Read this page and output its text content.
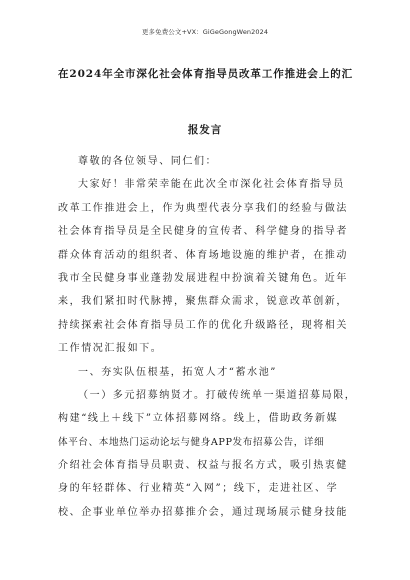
更多免费公文+VX：GiGeGongWen2024
在2024年全市深化社会体育指导员改革工作推进会上的汇
报发言
尊敬的各位领导、同仁们：
大家好！非常荣幸能在此次全市深化社会体育指导员
改革工作推进会上，作为典型代表分享我们的经验与做法
社会体育指导员是全民健身的宣传者、科学健身的指导者
群众体育活动的组织者、体育场地设施的维护者，在推动
我市全民健身事业蓬勃发展进程中扮演着关键角色。近年
来，我们紧扣时代脉搏，聚焦群众需求，锐意改革创新，
持续探索社会体育指导员工作的优化升级路径，现将相关
工作情况汇报如下。
一、夯实队伍根基，拓宽人才“蓄水池”
（一）多元招募纳贤才。打破传统单一渠道招募局限，
构建“线上＋线下”立体招募网络。线上，借助政务新媒
体平台、本地热门运动论坛与健身APP发布招募公告，详细
介绍社会体育指导员职责、权益与报名方式，吸引热衷健
身的年轻群体、行业精英“入网”；线下，走进社区、学
校、企事业单位举办招募推介会，通过现场展示健身技能
